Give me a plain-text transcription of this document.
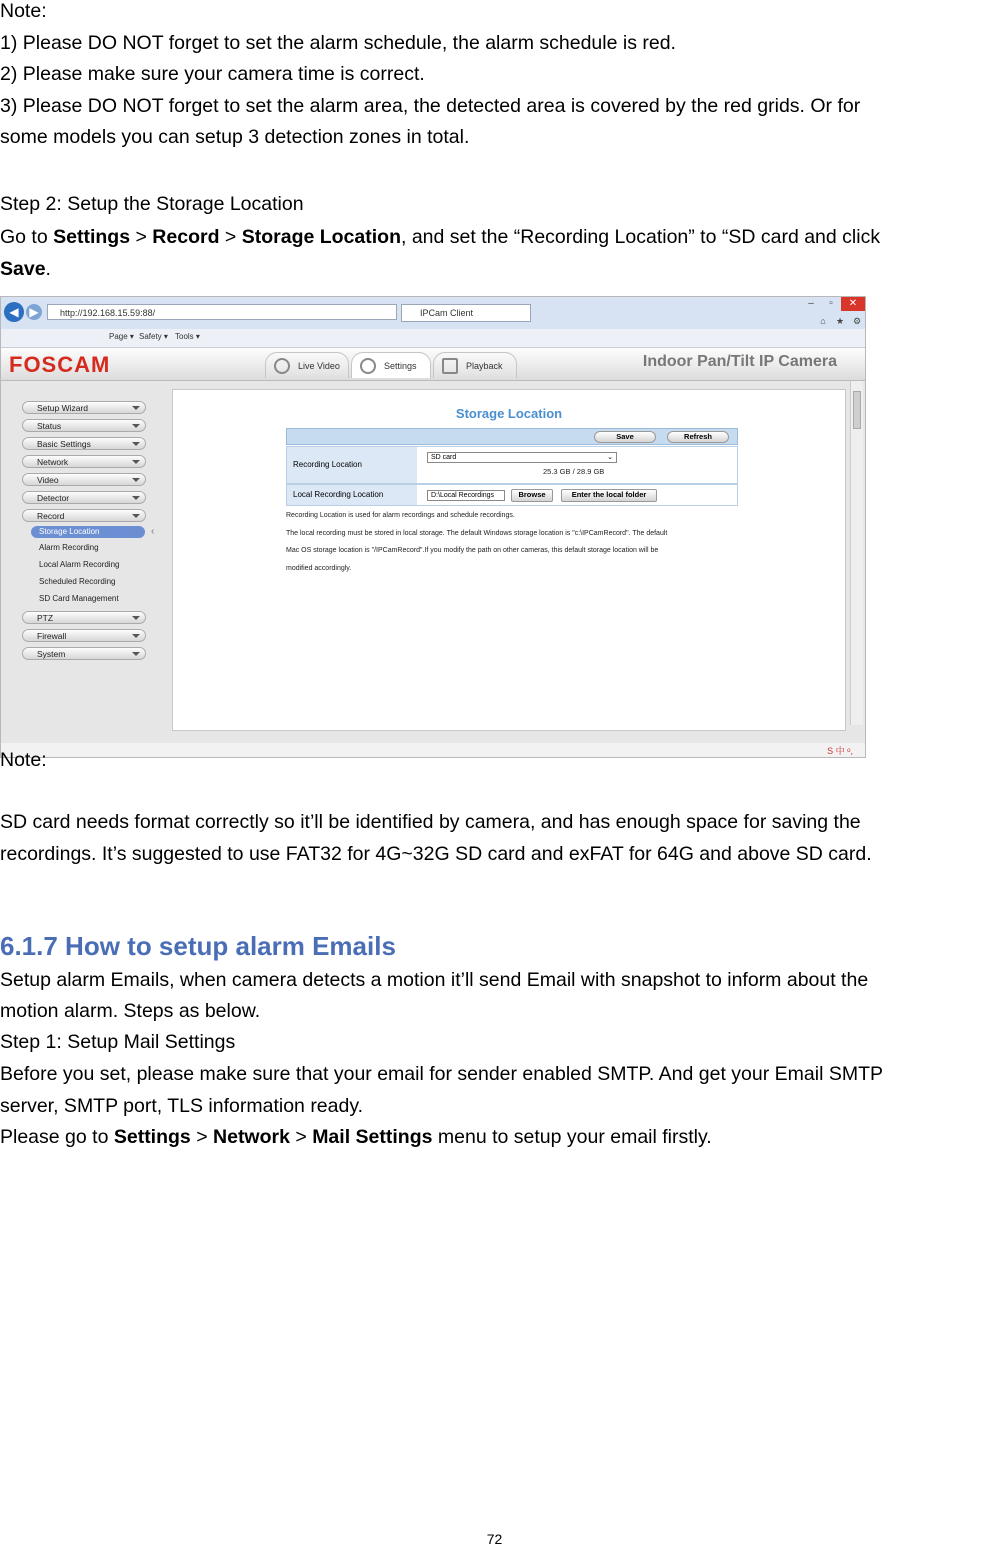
Note:

1) Please DO NOT forget to set the alarm schedule, the alarm schedule is red.

2) Please make sure your camera time is correct.

3) Please DO NOT forget to set the alarm area, the detected area is covered by the red grids. Or for

some models you can setup 3 detection zones in total.

Step 2: Setup the Storage Location

Go to Settings > Record > Storage Location, and set the “Recording Location” to “SD card and click

Save.

◀ ▶	http://192.168.15.59:88/	IPCam Client
–	▫	✕
⌂	★ ⚙
Page ▾ Safety ▾ Tools ▾
FOSCAM	Live Video	Settings	Playback	Indoor Pan/Tilt IP Camera
Setup Wizard
Status
Basic Settings
Network
Video
Detector
Record
Storage Location	‹
Alarm Recording
Local Alarm Recording
Scheduled Recording
SD Card Management
PTZ
Firewall
System
Storage Location
Save	Refresh
Recording Location
SD card	⌄
25.3 GB / 28.9 GB
Local Recording Location	D:\Local Recordings	Browse	Enter the local folder
Recording Location is used for alarm recordings and schedule recordings.
The local recording must be stored in local storage. The default Windows storage location is "c:\IPCamRecord". The default
Mac OS storage location is "/IPCamRecord".If you modify the path on other cameras, this default storage location will be
modified accordingly.
S 中 ᵒ,

Note:

SD card needs format correctly so it’ll be identified by camera, and has enough space for saving the

recordings. It’s suggested to use FAT32 for 4G~32G SD card and exFAT for 64G and above SD card.

6.1.7 How to setup alarm Emails

Setup alarm Emails, when camera detects a motion it’ll send Email with snapshot to inform about the

motion alarm. Steps as below.

Step 1: Setup Mail Settings

Before you set, please make sure that your email for sender enabled SMTP. And get your Email SMTP

server, SMTP port, TLS information ready.

Please go to Settings > Network > Mail Settings menu to setup your email firstly.

72
